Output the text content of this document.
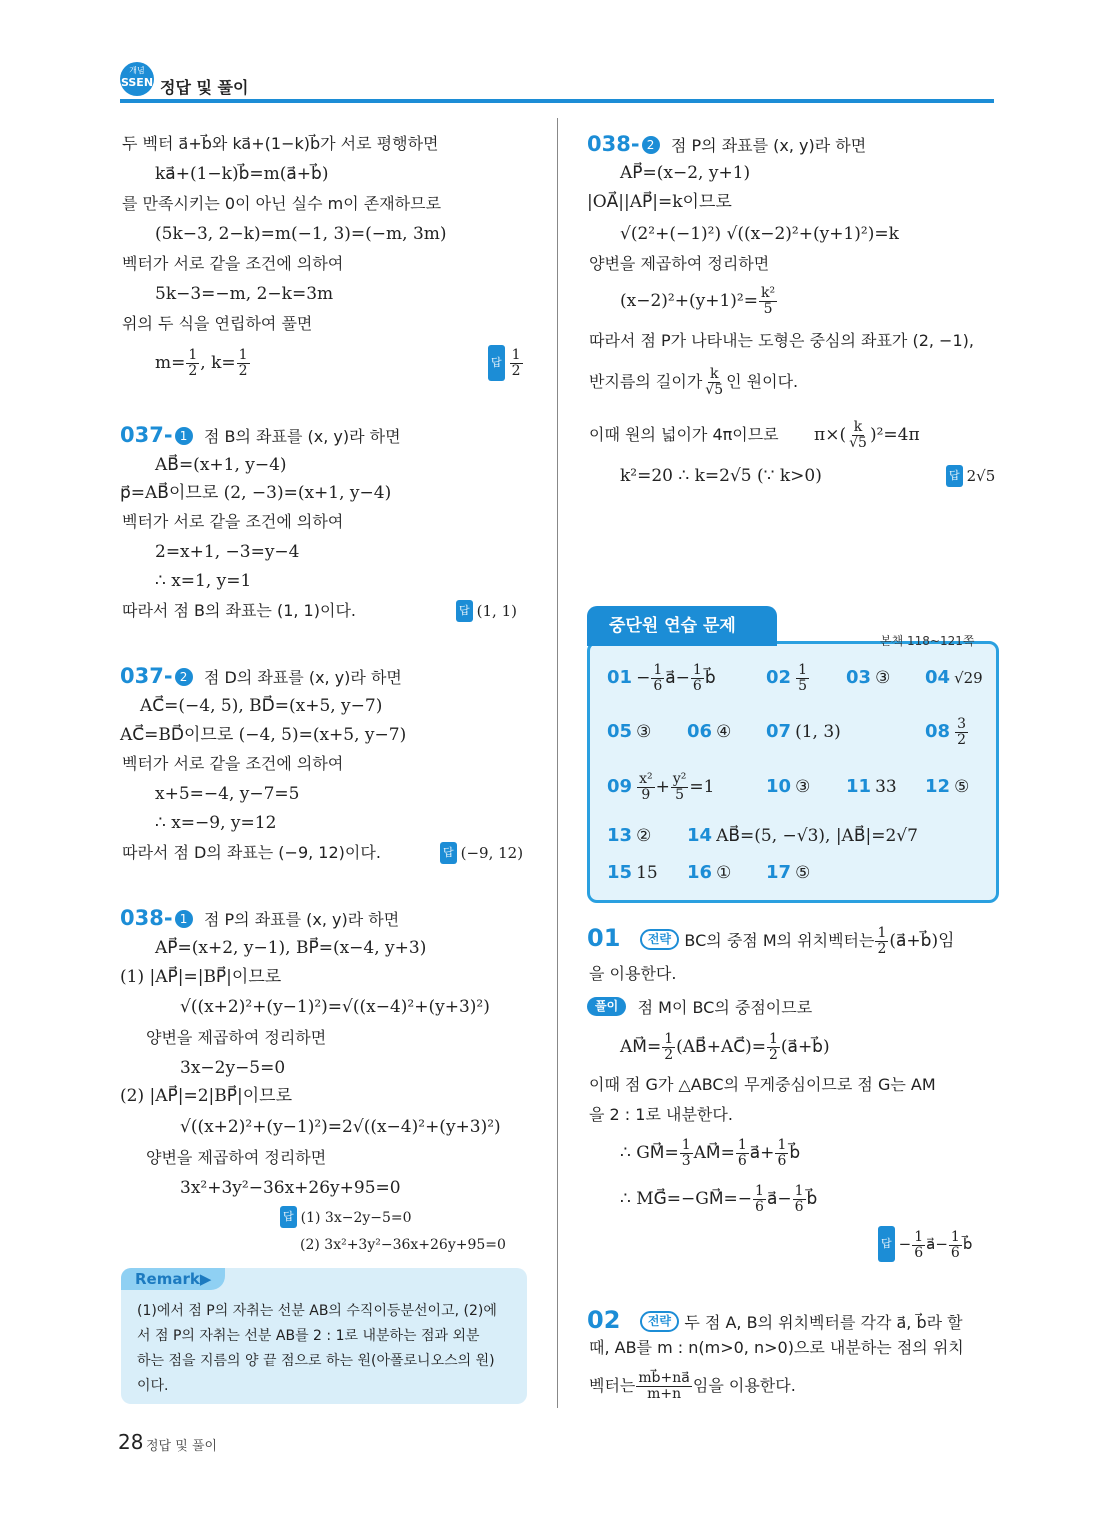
개념
SSEN 정답 및 풀이
두 벡터 a⃗+b⃗와 ka⃗+(1−k)b⃗가 서로 평행하면
ka⃗+(1−k)b⃗=m(a⃗+b⃗)
를 만족시키는 0이 아닌 실수 m이 존재하므로
(5k−3, 2−k)=m(−1, 3)=(−m, 3m)
벡터가 서로 같을 조건에 의하여
5k−3=−m, 2−k=3m
위의 두 식을 연립하여 풀면
$m= \frac{1}{2}$ , $k= \frac{1}{2}$	답 $\frac{1}{2}$
037- 1 점 B의 좌표를 (x, y)라 하면
AB⃗=(x+1, y−4)
p⃗=AB⃗이므로 (2, −3)=(x+1, y−4)
벡터가 서로 같을 조건에 의하여
2=x+1, −3=y−4
∴ x=1, y=1
따라서 점 B의 좌표는 (1, 1)이다.	답 (1, 1)
037- 2 점 D의 좌표를 (x, y)라 하면
AC⃗=(−4, 5), BD⃗=(x+5, y−7)
AC⃗=BD⃗이므로 (−4, 5)=(x+5, y−7)
벡터가 서로 같을 조건에 의하여
x+5=−4, y−7=5
∴ x=−9, y=12
따라서 점 D의 좌표는 (−9, 12)이다.	답 (−9, 12)
038- 1 점 P의 좌표를 (x, y)라 하면
AP⃗=(x+2, y−1), BP⃗=(x−4, y+3)
(1) |AP⃗|=|BP⃗|이므로
√((x+2)²+(y−1)²)=√((x−4)²+(y+3)²)
양변을 제곱하여 정리하면
3x−2y−5=0
(2) |AP⃗|=2|BP⃗|이므로
√((x+2)²+(y−1)²)=2√((x−4)²+(y+3)²)
양변을 제곱하여 정리하면
3x²+3y²−36x+26y+95=0
답 (1) 3x−2y−5=0
(2) 3x²+3y²−36x+26y+95=0
Remark▶
(1)에서 점 P의 자취는 선분 AB의 수직이등분선이고, (2)에
서 점 P의 자취는 선분 AB를 2 : 1로 내분하는 점과 외분
하는 점을 지름의 양 끝 점으로 하는 원(아폴로니오스의 원)
이다.
038- 2 점 P의 좌표를 (x, y)라 하면
AP⃗=(x−2, y+1)
|OA⃗||AP⃗|=k이므로
√(2²+(−1)²) √((x−2)²+(y+1)²)=k
양변을 제곱하여 정리하면
$(x-2)^2+(y+1)^2= \frac{\text{k²}}{5}$
따라서 점 P가 나타내는 도형은 중심의 좌표가 (2, −1),
반지름의 길이가 $\frac{k}{√5}$ 인 원이다.
이때 원의 넓이가 4π이므로 $\pi\times( \frac{k}{√5} )^2=4\pi$
k²=20 ∴ k=2√5 (∵ k>0)	답 2√5
중단원 연습 문제
본책 118~121쪽
$01 - \frac{1}{6}$ a⃗− $\frac{1}{6}$ b⃗	$02 \frac{1}{5} 03$ ③ 04 √29
05 ③ 06 ④ 07 (1, 3)	$08 \frac{3}{2}$
$09 \frac{\text{x²}}{9} + \frac{\text{y²}}{5} =1$	10 ③ 11 33 12 ⑤
13 ② 14 AB⃗=(5, −√3), |AB⃗|=2√7
15 15 16 ① 17 ⑤
01 전략 BC의 중점 M의 위치벡터는 $\frac{1}{2}$ (a⃗+b⃗)임
을 이용한다.
풀이 점 M이 BC의 중점이므로
AM⃗= $\frac{1}{2}$ (AB⃗+AC⃗)= $\frac{1}{2}$ (a⃗+b⃗)
이때 점 G가 △ABC의 무게중심이므로 점 G는 AM
을 2 : 1로 내분한다.
∴ GM⃗= $\frac{1}{3}$ AM⃗= $\frac{1}{6}$ a⃗+ $\frac{1}{6}$ b⃗
∴ MG⃗=−GM⃗=− $\frac{1}{6}$ a⃗− $\frac{1}{6}$ b⃗
답 − $\frac{1}{6}$ a⃗− $\frac{1}{6}$ b⃗
02 전략 두 점 A, B의 위치벡터를 각각 a⃗, b⃗라 할
때, AB를 m : n(m>0, n>0)으로 내분하는 점의 위치
벡터는 $\frac{mb⃗+na⃗}{m+n}$ 임을 이용한다.
28 정답 및 풀이
